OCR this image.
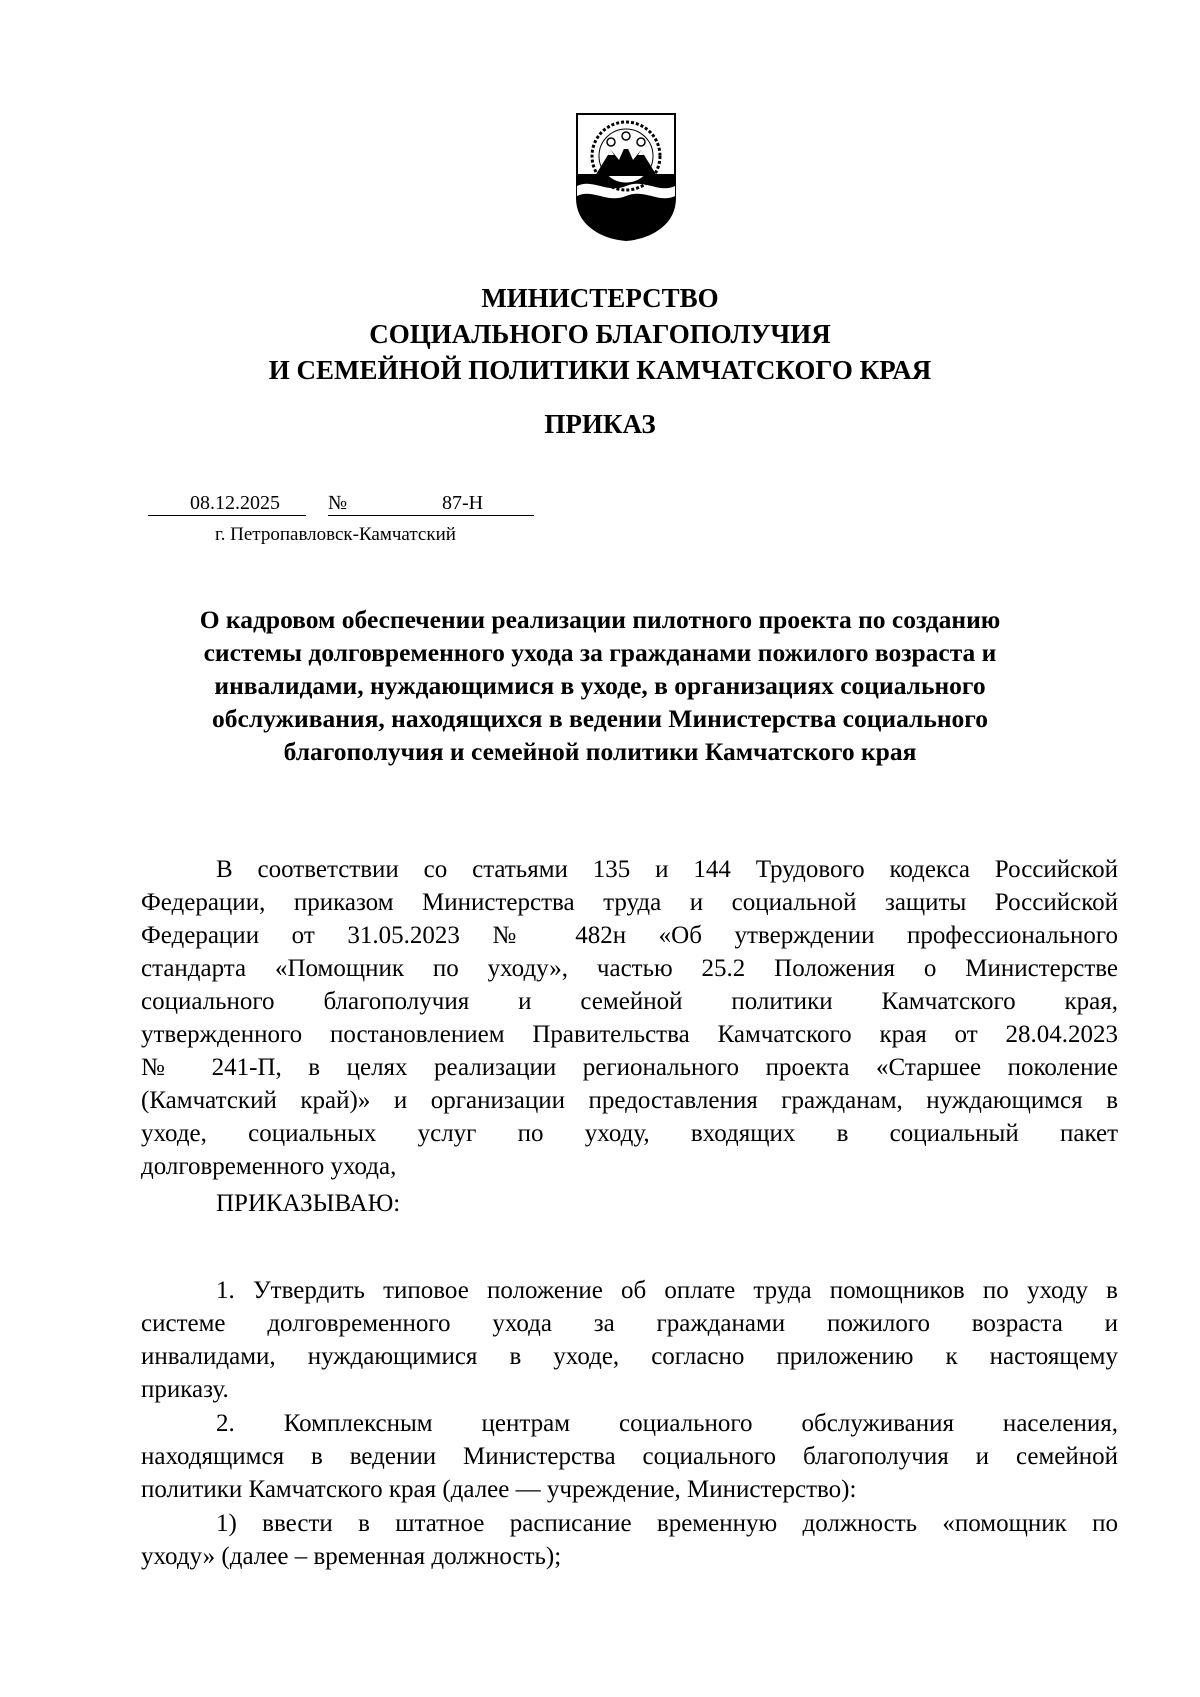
МИНИСТЕРСТВО
СОЦИАЛЬНОГО БЛАГОПОЛУЧИЯ
И СЕМЕЙНОЙ ПОЛИТИКИ КАМЧАТСКОГО КРАЯ
ПРИКАЗ
08.12.2025 №	87-Н
г. Петропавловск-Камчатский
О кадровом обеспечении реализации пилотного проекта по созданию
системы долговременного ухода за гражданами пожилого возраста и
инвалидами, нуждающимися в уходе, в организациях социального
обслуживания, находящихся в ведении Министерства социального
благополучия и семейной политики Камчатского края
В соответствии со статьями 135 и 144 Трудового кодекса Российской
Федерации, приказом Министерства труда и социальной защиты Российской
Федерации от 31.05.2023 № 482н «Об утверждении профессионального
стандарта «Помощник по уходу», частью 25.2 Положения о Министерстве
социального благополучия и семейной политики Камчатского края,
утвержденного постановлением Правительства Камчатского края от 28.04.2023
№ 241-П, в целях реализации регионального проекта «Старшее поколение
(Камчатский край)» и организации предоставления гражданам, нуждающимся в
уходе, социальных услуг по уходу, входящих в социальный пакет
долговременного ухода,
ПРИКАЗЫВАЮ:
1. Утвердить типовое положение об оплате труда помощников по уходу в
системе долговременного ухода за гражданами пожилого возраста и
инвалидами, нуждающимися в уходе, согласно приложению к настоящему
приказу.
2. Комплексным центрам социального обслуживания населения,
находящимся в ведении Министерства социального благополучия и семейной
политики Камчатского края (далее — учреждение, Министерство):
1) ввести в штатное расписание временную должность «помощник по
уходу» (далее – временная должность);
